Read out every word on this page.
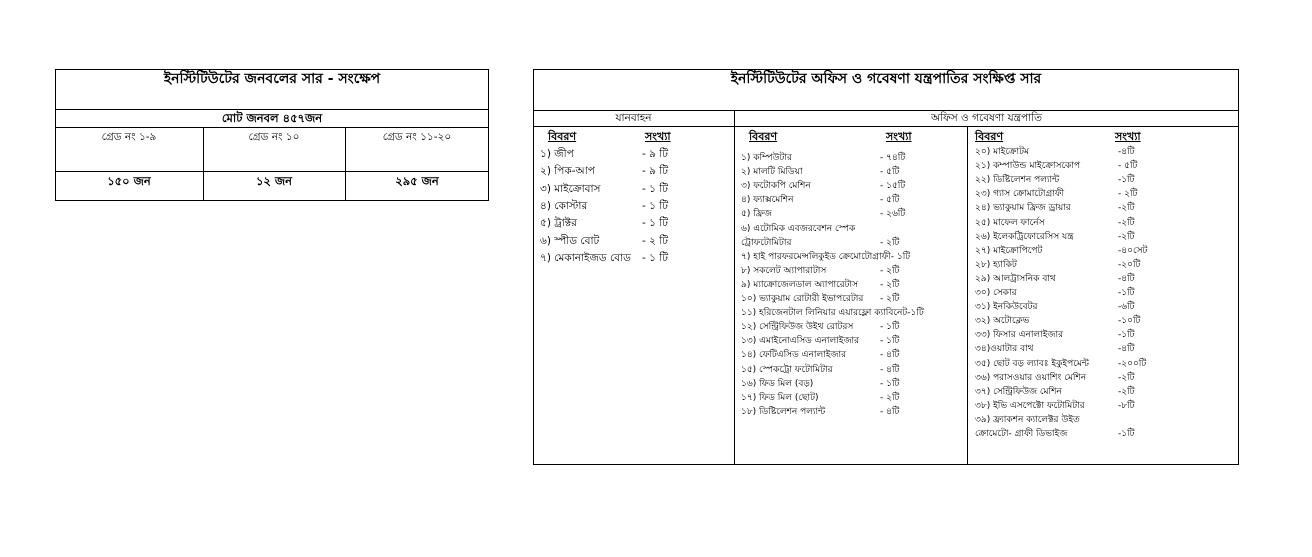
ইনস্টিটিউটের জনবলের সার - সংক্ষেপ
মোট জনবল ৪৫৭জন
গ্রেড নং ১-৯	গ্রেড নং ১০	গ্রেড নং ১১-২০
১৫০ জন	১২ জন	২৯৫ জন
ইনস্টিটিউটের অফিস ও গবেষণা যন্ত্রপাতির সংক্ষিপ্ত সার
যানবাহন	অফিস ও গবেষণা যন্ত্রপাতি
বিবরণ	সংখ্যা	বিবরণ	সংখ্যা	বিবরণ	সংখ্যা
১) জীপ	- ৯ টি
২) পিক-আপ	- ৯ টি
৩) মাইক্রোবাস	- ১ টি
৪) কোস্টার	- ১ টি
৫) ট্রাক্টর	- ১ টি
৬) স্পীড বোট	- ২ টি
৭) মেকানাইজড বোড - ১ টি
১) কম্পিউটার	- ৭৪টি
২) মালটি মিডিয়া	- ৫টি
৩) ফটোকপি মেশিন	- ১৫টি
৪) ফ্যাক্সমেশিন	- ৫টি
৫) ফ্রিজ	- ২৬টি
৬) এটোমিক এবজরবেশন স্পেক
ট্রোফটোমিটার	- ২টি
৭) হাই পারফরমেন্সলিকুইড ক্রেমোটোগ্রাফী- ১টি
৮) সকলেট অ্যাপারাটাস	- ২টি
৯) ম্যাক্রোজেলডাল অ্যাপারেটাস - ২টি
১০) ভ্যাকুয়াম রোটারী ইভাপরেটার - ২টি
১১) হরিজেনটাল লিনিয়ার এয়ারফ্লো ক্যাবিনেট-১টি
১২) সেন্ট্রিফিউজ উইথ রোটরস	- ১টি
১৩) এমাইনোএসিড এনালাইজার - ১টি
১৪) ফেটিএসিড এনালাইজার	- ৪টি
১৫) স্পেকট্রো ফটোমিটার	- ৪টি
১৬) ফিড মিল (বড়)	- ১টি
১৭) ফিড মিল (ছোট)	- ২টি
১৮) ডিষ্টিলেশন পল্যান্ট	- ৪টি
২০) মাইক্রোটম	-৪টি
২১) কম্পাউন্ড মাইক্রোসকোপ	- ৫টি
২২) ডিষ্টিলেশন পল্যান্ট	-১টি
২৩) গ্যাস ক্রোমাটোগ্রাফী	- ২টি
২৪) ভ্যাকুয়াম ফ্রিজ ড্রায়ার	-২টি
২৫) মাফেল ফার্নেস	-২টি
২৬) ইলেকট্রিফোরেসিস যন্ত্র	-২টি
২৭) মাইক্রোপিপেট	-৪০সেট
২৮) হ্যাকিট	-২০টি
২৯) আলট্রাসনিক বাথ	-৪টি
৩০) সেকার	-১টি
৩১) ইনকিউবেটর	-৬টি
৩২) অটোক্লেভ	-১০টি
৩৩) ফিসার এনালাইজার	-১টি
৩৪)ওয়াটার বাথ	-৪টি
৩৫) ছোট বড় ল্যাবঃ ইকুইপমেন্ট	-২০০টি
৩৬) পরাসওয়ার ওয়াশিং মেশিন	-২টি
৩৭) সেন্ট্রিফিউজ মেশিন	-২টি
৩৮) ইভি এসপেক্টো ফটোমিটার	-৮টি
৩৯) ফ্র্যাকশন ক্যালেক্টর উইত
ক্রোমেটো- গ্রাফী ডিভাইজ	-১টি
